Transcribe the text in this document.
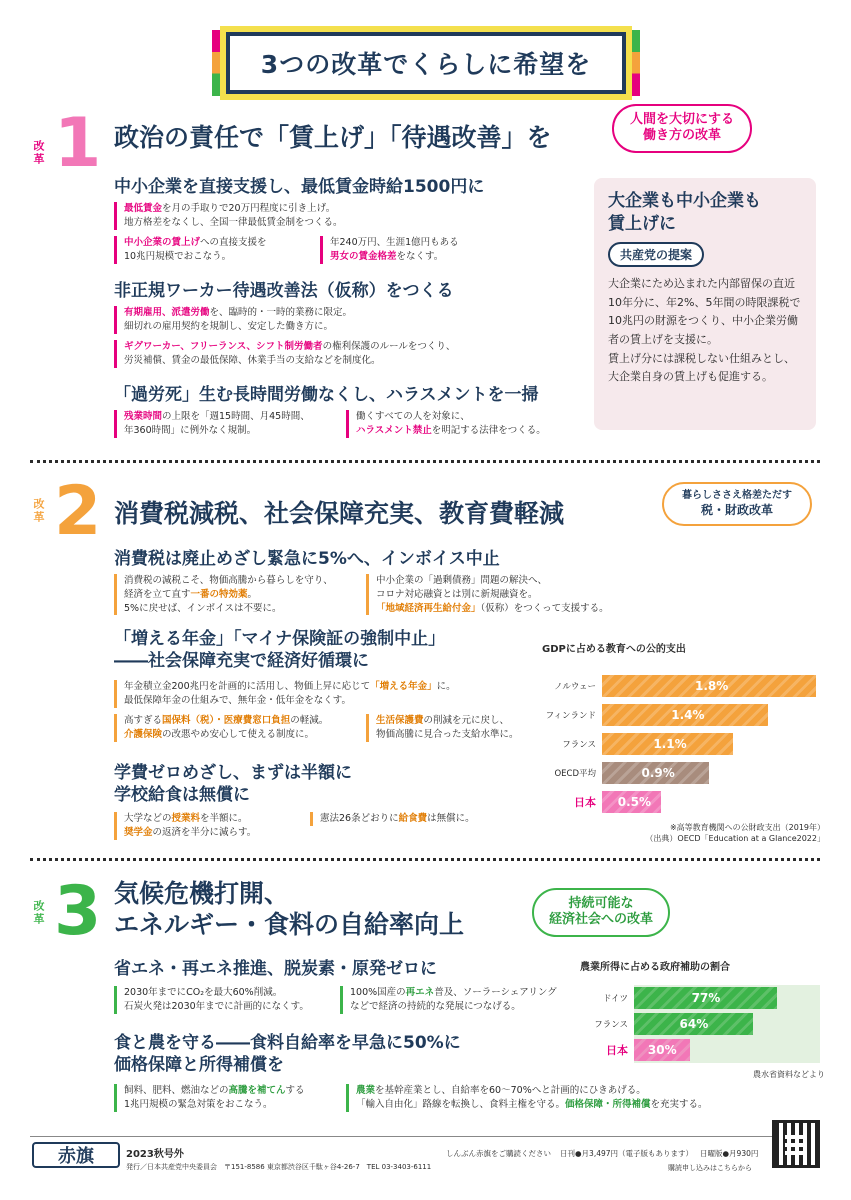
3つの改革でくらしに希望を
改革 1 政治の責任で「賃上げ」「待遇改善」を
人間を大切にする
働き方の改革
中小企業を直接支援し、最低賃金時給1500円に
最低賃金を月の手取りで20万円程度に引き上げ。
地方格差をなくし、全国一律最低賃金制をつくる。
中小企業の賃上げへの直接支援を
10兆円規模でおこなう。
年240万円、生涯1億円もある
男女の賃金格差をなくす。
非正規ワーカー待遇改善法（仮称）をつくる
有期雇用、派遣労働を、臨時的・一時的業務に限定。
細切れの雇用契約を規制し、安定した働き方に。
ギグワーカー、フリーランス、シフト制労働者の権利保護のルールをつくり、
労災補償、賃金の最低保障、休業手当の支給などを制度化。
「過労死」生む長時間労働なくし、ハラスメントを一掃
残業時間の上限を「週15時間、月45時間、
年360時間」に例外なく規制。
働くすべての人を対象に、
ハラスメント禁止を明記する法律をつくる。
大企業も中小企業も
賃上げに
共産党の提案
大企業にため込まれた内部留保の直近10年分に、年2%、5年間の時限課税で10兆円の財源をつくり、中小企業労働者の賃上げを支援に。
賃上げ分には課税しない仕組みとし、大企業自身の賃上げも促進する。
改革 2 消費税減税、社会保障充実、教育費軽減
暮らしささえ格差ただす
税・財政改革
消費税は廃止めざし緊急に5%へ、インボイス中止
消費税の減税こそ、物価高騰から暮らしを守り、
経済を立て直す一番の特効薬。
5%に戻せば、インボイスは不要に。
中小企業の「過剰債務」問題の解決へ、
コロナ対応融資とは別に新規融資を。
「地域経済再生給付金」（仮称）をつくって支援する。
「増える年金」「マイナ保険証の強制中止」
――社会保障充実で経済好循環に
年金積立金200兆円を計画的に活用し、物価上昇に応じて「増える年金」に。
最低保障年金の仕組みで、無年金・低年金をなくす。
高すぎる国保料（税）・医療費窓口負担の軽減。
介護保険の改悪やめ安心して使える制度に。
生活保護費の削減を元に戻し、
物価高騰に見合った支給水準に。
学費ゼロめざし、まずは半額に
学校給食は無償に
大学などの授業料を半額に。
奨学金の返済を半分に減らす。
憲法26条どおりに給食費は無償に。
GDPに占める教育への公的支出
ノルウェー	1.8%
フィンランド	1.4%
フランス	1.1%
OECD平均	0.9%
日本	0.5%
※高等教育機関への公財政支出（2019年）
（出典）OECD「Education at a Glance2022」
改革 3 気候危機打開、
エネルギー・食料の自給率向上
持続可能な
経済社会への改革
省エネ・再エネ推進、脱炭素・原発ゼロに
2030年までにCO₂を最大60%削減。
石炭火発は2030年までに計画的になくす。
100%国産の再エネ普及、ソーラーシェアリング
などで経済の持続的な発展につなげる。
食と農を守る――食料自給率を早急に50%に
価格保障と所得補償を
飼料、肥料、燃油などの高騰を補てんする
1兆円規模の緊急対策をおこなう。
農業を基幹産業とし、自給率を60～70%へと計画的にひきあげる。
「輸入自由化」路線を転換し、食料主権を守る。価格保障・所得補償を充実する。
農業所得に占める政府補助の割合
ドイツ	77%
フランス	64%
日本	30%
農水省資料などより
赤旗	2023秋号外
発行／日本共産党中央委員会　〒151-8586 東京都渋谷区千駄ヶ谷4-26-7　TEL 03-3403-6111
しんぶん赤旗をご購読ください 日刊●月3,497円（電子版もあります） 日曜版●月930円
購読申し込みはこちらから
